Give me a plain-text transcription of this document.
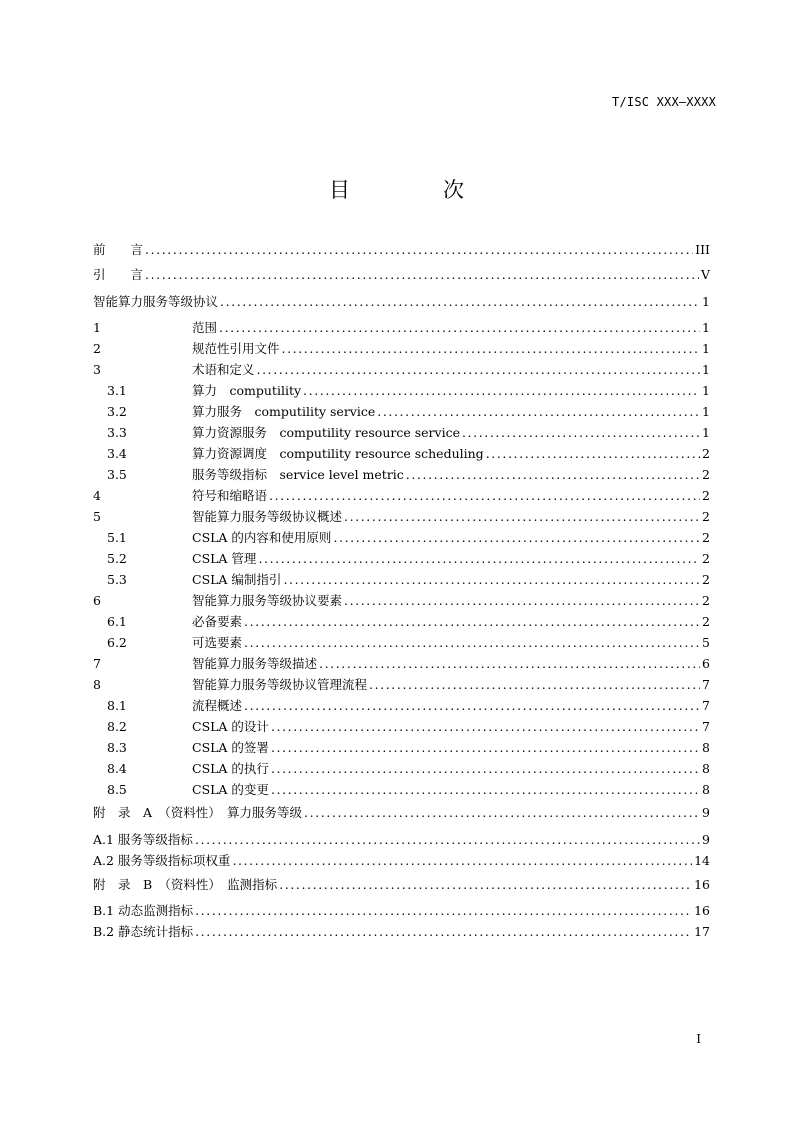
T/ISC XXX—XXXX
目　次
前　　言 .....	III
引　　言 .....	V
智能算力服务等级协议 .....	1
1	范围 .....	1
2	规范性引用文件 .....	1
3	术语和定义 .....	1
3.1	算力　computility .....	1
3.2	算力服务　computility service .....	1
3.3	算力资源服务　computility resource service .....	1
3.4	算力资源调度　computility resource scheduling .....	2
3.5	服务等级指标　service level metric .....	2
4	符号和缩略语 .....	2
5	智能算力服务等级协议概述 .....	2
5.1	CSLA 的内容和使用原则 .....	2
5.2	CSLA 管理 .....	2
5.3	CSLA 编制指引 .....	2
6	智能算力服务等级协议要素 .....	2
6.1	必备要素 .....	2
6.2	可选要素 .....	5
7	智能算力服务等级描述 .....	6
8	智能算力服务等级协议管理流程 .....	7
8.1	流程概述 .....	7
8.2	CSLA 的设计 .....	7
8.3	CSLA 的签署 .....	8
8.4	CSLA 的执行 .....	8
8.5	CSLA 的变更 .....	8
附　录　A　（资料性）　算力服务等级 .....	9
A.1 服务等级指标 .....	9
A.2 服务等级指标项权重 .....	14
附　录　B　（资料性）　监测指标 .....	16
B.1 动态监测指标 .....	16
B.2 静态统计指标 .....	17
I
